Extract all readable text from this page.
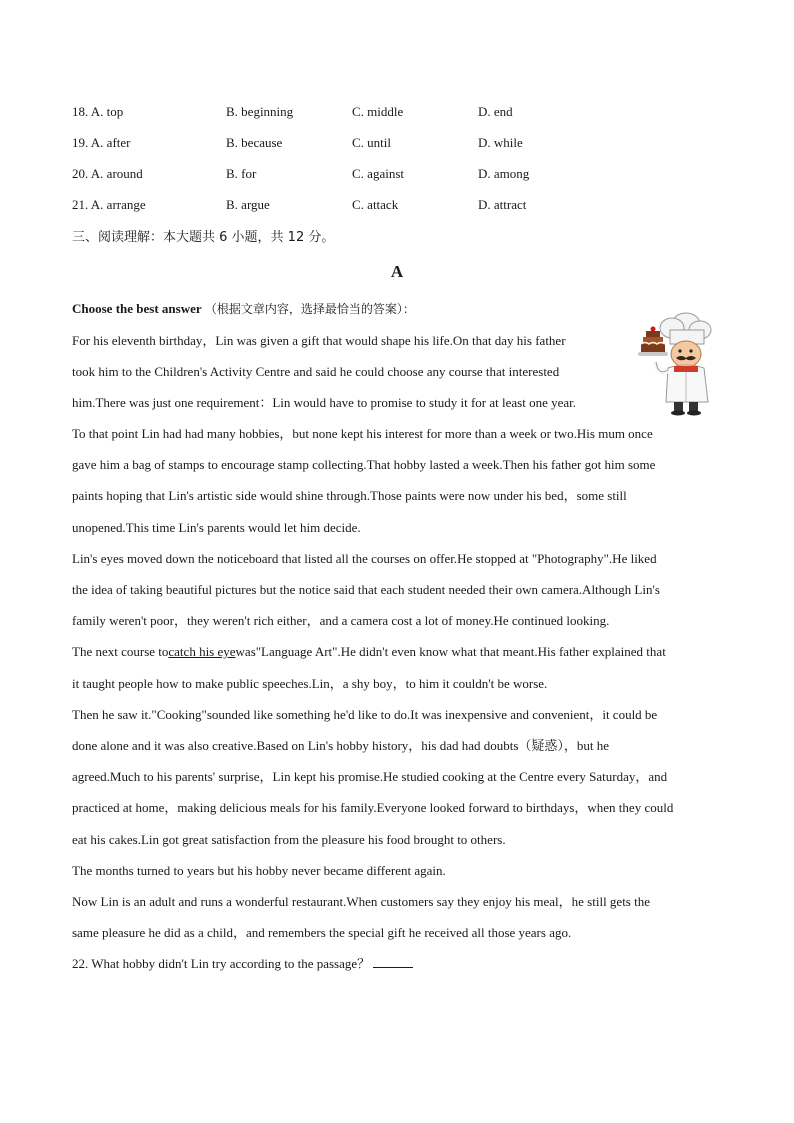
18. A. top	B. beginning	C. middle	D. end
19. A. after	B. because	C. until	D. while
20. A. around	B. for	C. against	D. among
21. A. arrange	B. argue	C. attack	D. attract
三、阅读理解：本大题共 6 小题，共 12 分。
A
Choose the best answer （根据文章内容，选择最恰当的答案）：
For his eleventh birthday，Lin was given a gift that would shape his life.On that day his father
took him to the Children's Activity Centre and said he could choose any course that interested
him.There was just one requirement：Lin would have to promise to study it for at least one year.
To that point Lin had had many hobbies，but none kept his interest for more than a week or two.His mum once
gave him a bag of stamps to encourage stamp collecting.That hobby lasted a week.Then his father got him some
paints hoping that Lin's artistic side would shine through.Those paints were now under his bed，some still
unopened.This time Lin's parents would let him decide.
Lin's eyes moved down the noticeboard that listed all the courses on offer.He stopped at "Photography".He liked
the idea of taking beautiful pictures but the notice said that each student needed their own camera.Although Lin's
family weren't poor，they weren't rich either，and a camera cost a lot of money.He continued looking.
The next course tocatch his eyewas"Language Art".He didn't even know what that meant.His father explained that
it taught people how to make public speeches.Lin，a shy boy，to him it couldn't be worse.
Then he saw it."Cooking"sounded like something he'd like to do.It was inexpensive and convenient，it could be
done alone and it was also creative.Based on Lin's hobby history，his dad had doubts（疑惑），but he
agreed.Much to his parents' surprise，Lin kept his promise.He studied cooking at the Centre every Saturday，and
practiced at home，making delicious meals for his family.Everyone looked forward to birthdays，when they could
eat his cakes.Lin got great satisfaction from the pleasure his food brought to others.
The months turned to years but his hobby never became different again.
Now Lin is an adult and runs a wonderful restaurant.When customers say they enjoy his meal，he still gets the
same pleasure he did as a child，and remembers the special gift he received all those years ago.
22. What hobby didn't Lin try according to the passage？
